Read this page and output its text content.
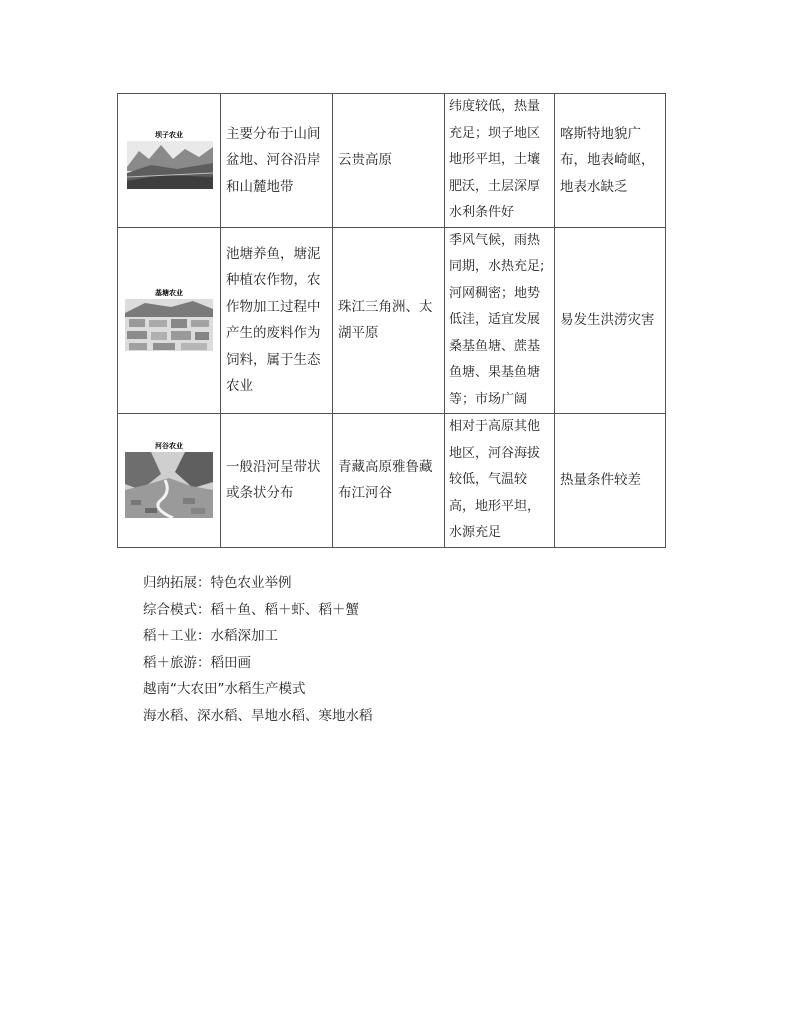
坝子农业	主要分布于山间盆地、河谷沿岸和山麓地带	云贵高原	纬度较低，热量充足；坝子地区地形平坦，土壤肥沃，土层深厚水利条件好	喀斯特地貌广布，地表崎岖，地表水缺乏

基塘农业	池塘养鱼，塘泥种植农作物，农作物加工过程中产生的废料作为饲料，属于生态农业	珠江三角洲、太湖平原	季风气候，雨热同期，水热充足;河网稠密；地势低洼，适宜发展桑基鱼塘、蔗基鱼塘、果基鱼塘等；市场广阔	易发生洪涝灾害

河谷农业	一般沿河呈带状或条状分布	青藏高原雅鲁藏布江河谷	相对于高原其他地区，河谷海拔较低，气温较高，地形平坦，水源充足	热量条件较差
归纳拓展：特色农业举例
综合模式：稻＋鱼、稻＋虾、稻＋蟹
稻＋工业：水稻深加工
稻＋旅游：稻田画
越南“大农田”水稻生产模式
海水稻、深水稻、旱地水稻、寒地水稻
